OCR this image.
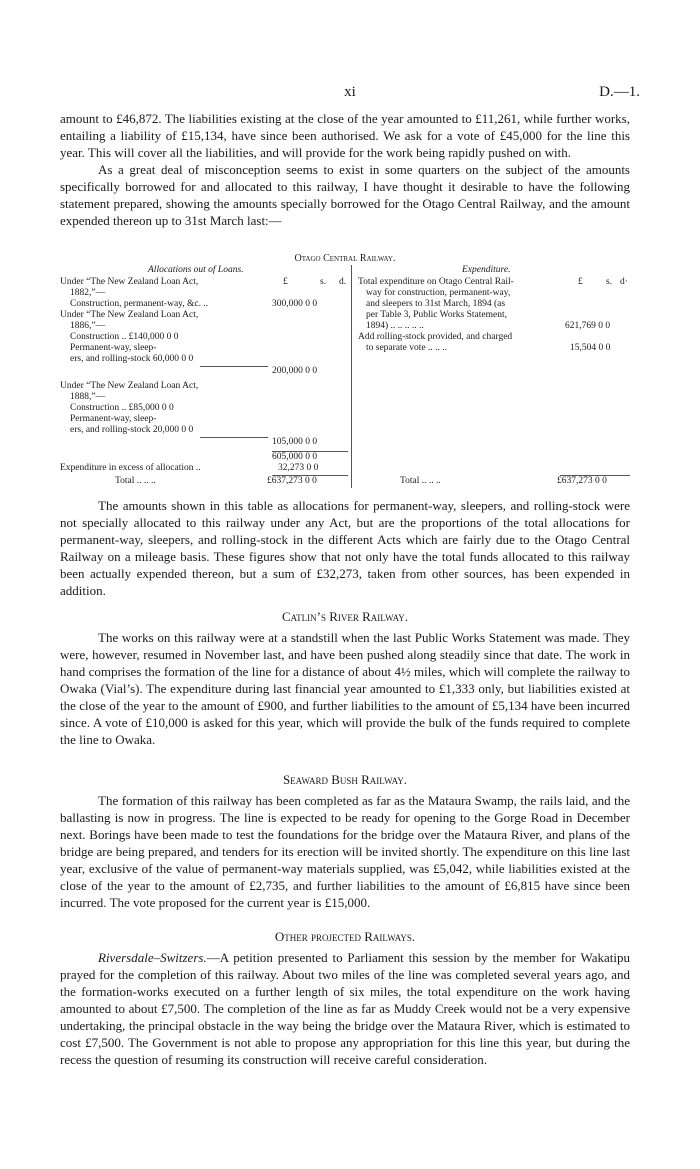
xi	D.—1.

amount to £46,872. The liabilities existing at the close of the year amounted to £11,261, while further works, entailing a liability of £15,134, have since been authorised. We ask for a vote of £45,000 for the line this year. This will cover all the liabilities, and will provide for the work being rapidly pushed on with.

As a great deal of misconception seems to exist in some quarters on the subject of the amounts specifically borrowed for and allocated to this railway, I have thought it desirable to have the following statement prepared, showing the amounts specially borrowed for the Otago Central Railway, and the amount expended thereon up to 31st March last:—

Otago Central Railway.
Allocations out of Loans.	Expenditure.
£	s. d.	£ s. d·
Under “The New Zealand Loan Act,
1882,”—
Construction, permanent-way, &c. ..	300,000 0 0
Under “The New Zealand Loan Act,
1886,”—
Construction .. £140,000 0 0
Permanent-way, sleep-
ers, and rolling-stock 60,000 0 0
200,000 0 0
Under “The New Zealand Loan Act,
1888,”—
Construction .. £85,000 0 0
Permanent-way, sleep-
ers, and rolling-stock 20,000 0 0
105,000 0 0
605,000 0 0
Expenditure in excess of allocation ..	32,273 0 0
Total .. .. ..	£637,273 0 0
Total expenditure on Otago Central Rail-
way for construction, permanent-way,
and sleepers to 31st March, 1894 (as
per Table 3, Public Works Statement,
1894) .. .. .. .. ..	621,769 0 0
Add rolling-stock provided, and charged
to separate vote .. .. ..	15,504 0 0
Total .. .. ..	£637,273 0 0

The amounts shown in this table as allocations for permanent-way, sleepers, and rolling-stock were not specially allocated to this railway under any Act, but are the proportions of the total allocations for permanent-way, sleepers, and rolling-stock in the different Acts which are fairly due to the Otago Central Railway on a mileage basis. These figures show that not only have the total funds allocated to this railway been actually expended thereon, but a sum of £32,273, taken from other sources, has been expended in addition.

Catlin’s River Railway.

The works on this railway were at a standstill when the last Public Works Statement was made. They were, however, resumed in November last, and have been pushed along steadily since that date. The work in hand comprises the formation of the line for a distance of about 4½ miles, which will complete the railway to Owaka (Vial’s). The expenditure during last financial year amounted to £1,333 only, but liabilities existed at the close of the year to the amount of £900, and further liabilities to the amount of £5,134 have been incurred since. A vote of £10,000 is asked for this year, which will provide the bulk of the funds required to complete the line to Owaka.

Seaward Bush Railway.

The formation of this railway has been completed as far as the Mataura Swamp, the rails laid, and the ballasting is now in progress. The line is expected to be ready for opening to the Gorge Road in December next. Borings have been made to test the foundations for the bridge over the Mataura River, and plans of the bridge are being prepared, and tenders for its erection will be invited shortly. The expenditure on this line last year, exclusive of the value of permanent-way materials supplied, was £5,042, while liabilities existed at the close of the year to the amount of £2,735, and further liabilities to the amount of £6,815 have since been incurred. The vote proposed for the current year is £15,000.

Other projected Railways.

Riversdale–Switzers.—A petition presented to Parliament this session by the member for Wakatipu prayed for the completion of this railway. About two miles of the line was completed several years ago, and the formation-works executed on a further length of six miles, the total expenditure on the work having amounted to about £7,500. The completion of the line as far as Muddy Creek would not be a very expensive undertaking, the principal obstacle in the way being the bridge over the Mataura River, which is estimated to cost £7,500. The Government is not able to propose any appropriation for this line this year, but during the recess the question of resuming its construction will receive careful consideration.
